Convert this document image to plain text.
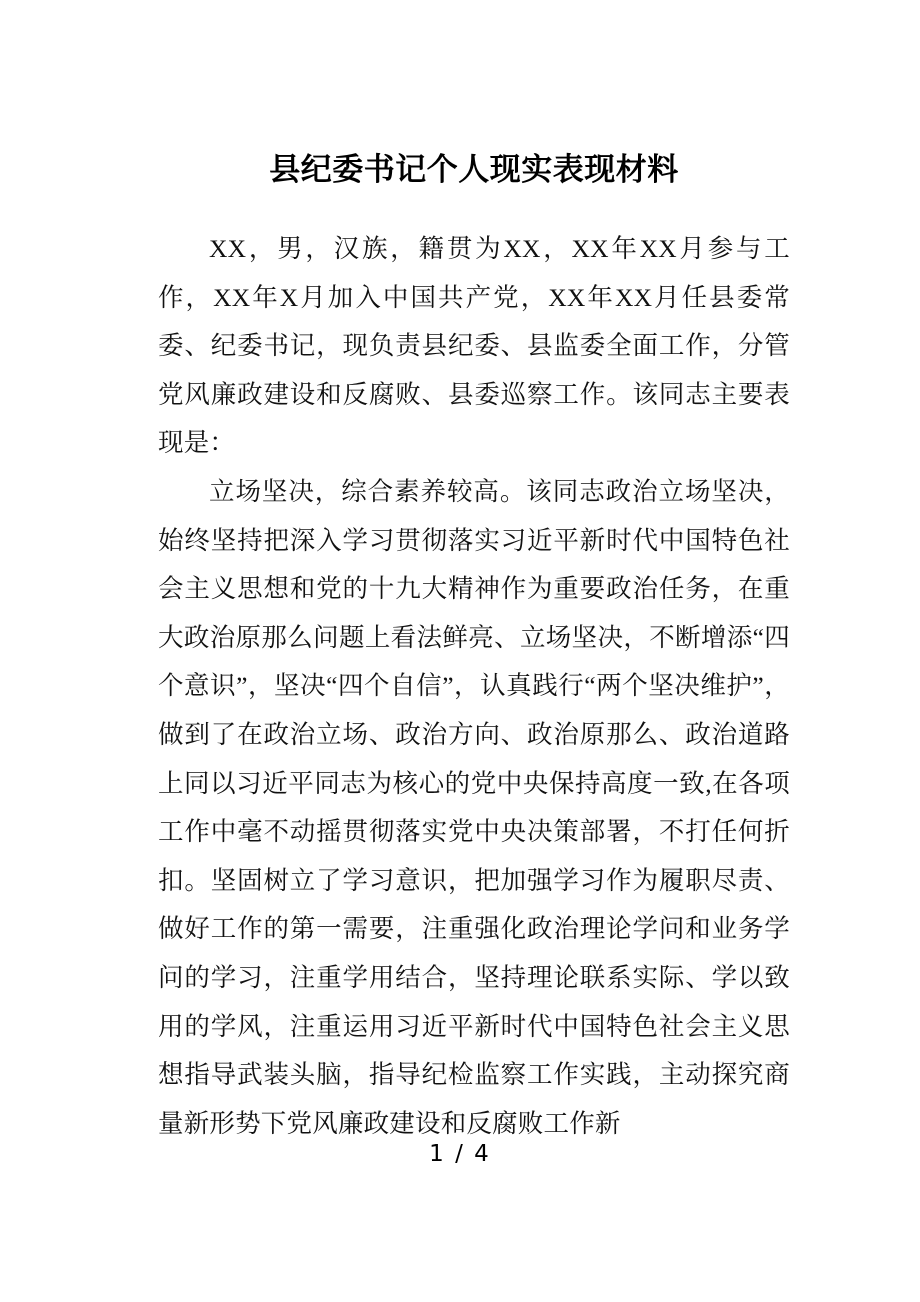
县纪委书记个人现实表现材料

XX，男，汉族，籍贯为XX，XX年XX月参与工作，XX年X月加入中国共产党，XX年XX月任县委常委、纪委书记，现负责县纪委、县监委全面工作，分管党风廉政建设和反腐败、县委巡察工作。该同志主要表现是：

立场坚决，综合素养较高。该同志政治立场坚决，始终坚持把深入学习贯彻落实习近平新时代中国特色社会主义思想和党的十九大精神作为重要政治任务，在重大政治原那么问题上看法鲜亮、立场坚决，不断增添“四个意识”，坚决“四个自信”，认真践行“两个坚决维护”，做到了在政治立场、政治方向、政治原那么、政治道路上同以习近平同志为核心的党中央保持高度一致,在各项工作中毫不动摇贯彻落实党中央决策部署，不打任何折扣。坚固树立了学习意识，把加强学习作为履职尽责、做好工作的第一需要，注重强化政治理论学问和业务学问的学习，注重学用结合，坚持理论联系实际、学以致用的学风，注重运用习近平新时代中国特色社会主义思想指导武装头脑，指导纪检监察工作实践，主动探究商量新形势下党风廉政建设和反腐败工作新

1 / 4
